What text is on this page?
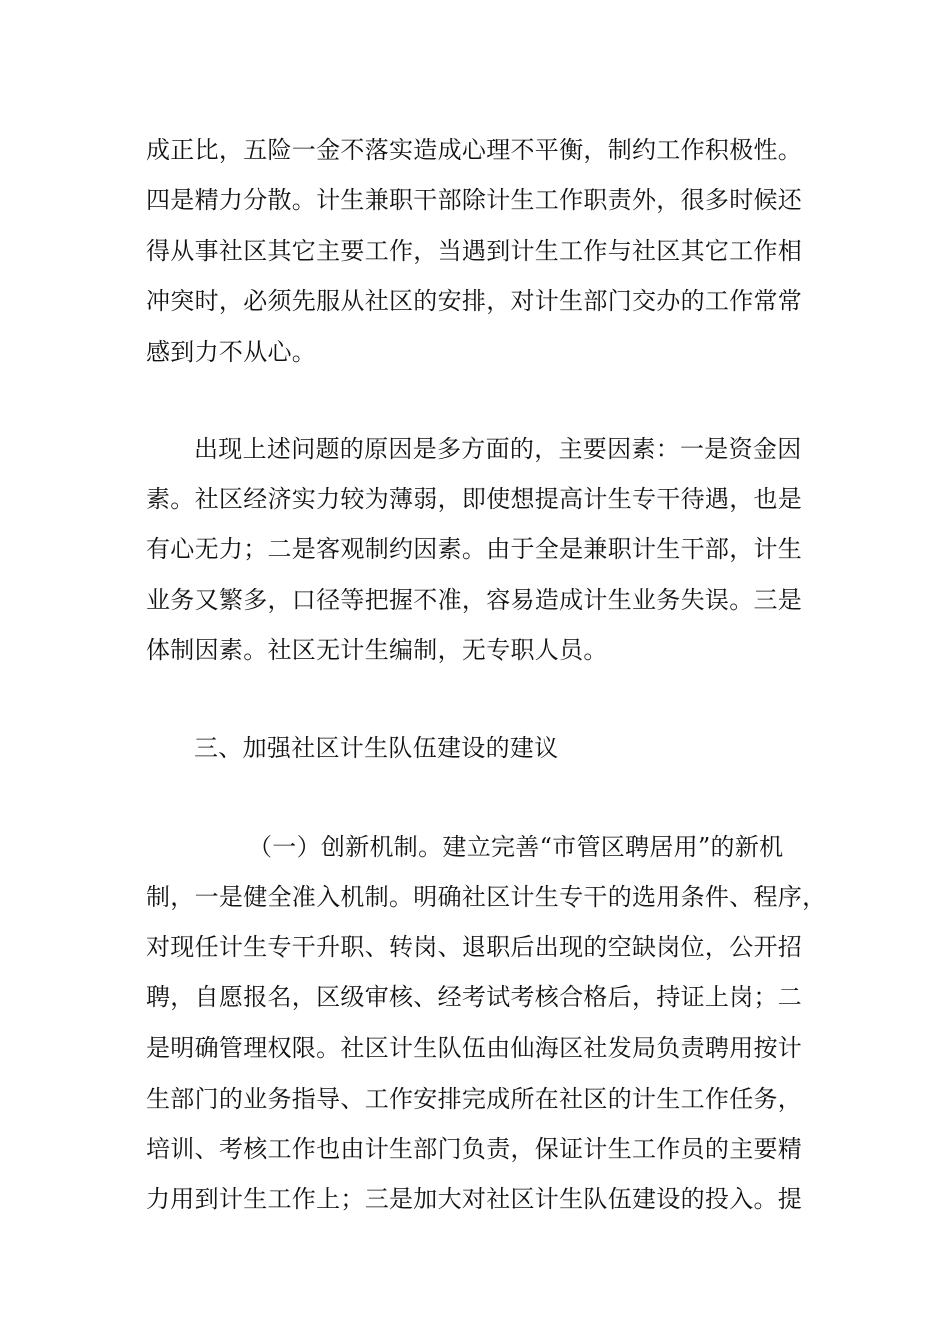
成正比，五险一金不落实造成心理不平衡，制约工作积极性。
四是精力分散。计生兼职干部除计生工作职责外，很多时候还
得从事社区其它主要工作，当遇到计生工作与社区其它工作相
冲突时，必须先服从社区的安排，对计生部门交办的工作常常
感到力不从心。
出现上述问题的原因是多方面的，主要因素：一是资金因
素。社区经济实力较为薄弱，即使想提高计生专干待遇，也是
有心无力；二是客观制约因素。由于全是兼职计生干部，计生
业务又繁多，口径等把握不准，容易造成计生业务失误。三是
体制因素。社区无计生编制，无专职人员。
三、加强社区计生队伍建设的建议
（一）创新机制。建立完善“市管区聘居用”的新机
制，一是健全准入机制。明确社区计生专干的选用条件、程序，
对现任计生专干升职、转岗、退职后出现的空缺岗位，公开招
聘，自愿报名，区级审核、经考试考核合格后，持证上岗；二
是明确管理权限。社区计生队伍由仙海区社发局负责聘用按计
生部门的业务指导、工作安排完成所在社区的计生工作任务，
培训、考核工作也由计生部门负责，保证计生工作员的主要精
力用到计生工作上；三是加大对社区计生队伍建设的投入。提
